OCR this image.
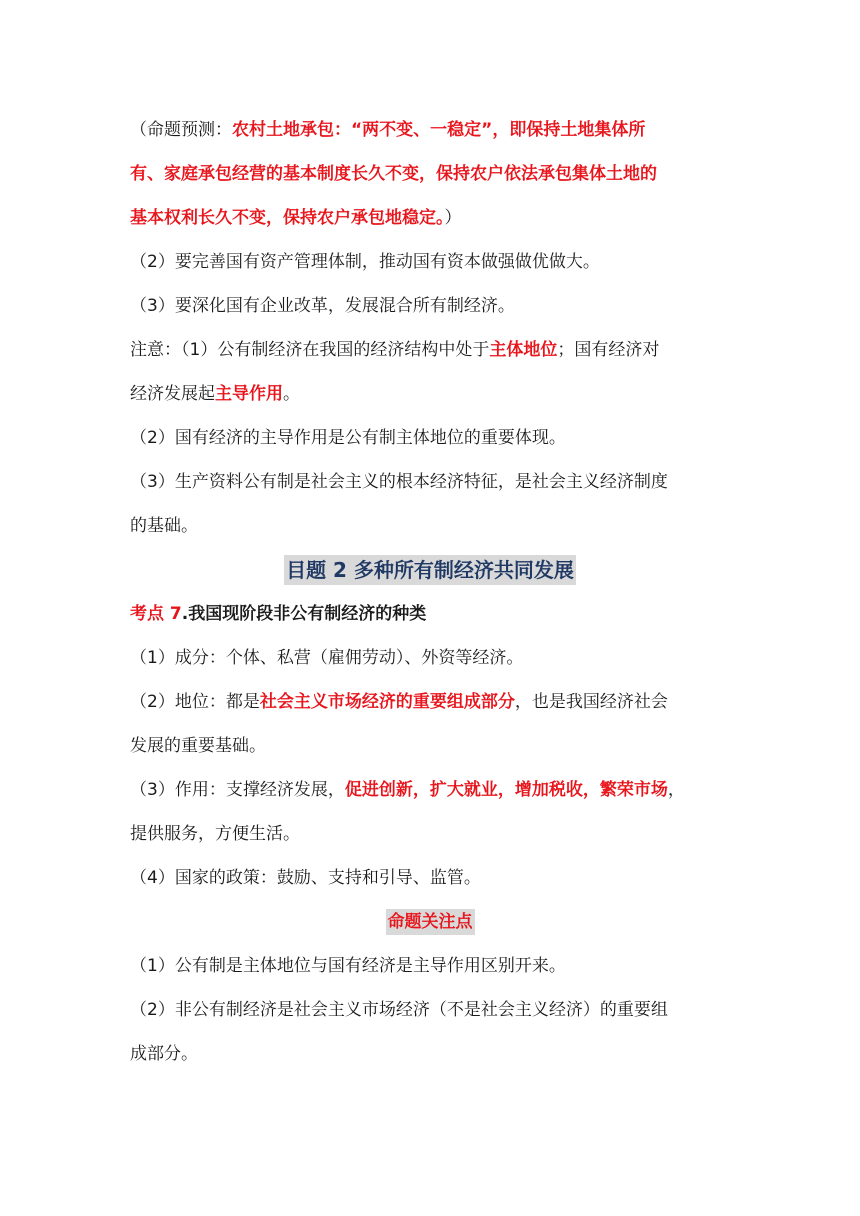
（命题预测：农村土地承包：“两不变、一稳定”，即保持土地集体所

有、家庭承包经营的基本制度长久不变，保持农户依法承包集体土地的

基本权利长久不变，保持农户承包地稳定。）

（2）要完善国有资产管理体制，推动国有资本做强做优做大。

（3）要深化国有企业改革，发展混合所有制经济。

注意：（1）公有制经济在我国的经济结构中处于主体地位；国有经济对

经济发展起主导作用。

（2）国有经济的主导作用是公有制主体地位的重要体现。

（3）生产资料公有制是社会主义的根本经济特征，是社会主义经济制度

的基础。

目题 2 多种所有制经济共同发展

考点 7.我国现阶段非公有制经济的种类

（1）成分：个体、私营（雇佣劳动）、外资等经济。

（2）地位：都是社会主义市场经济的重要组成部分，也是我国经济社会

发展的重要基础。

（3）作用：支撑经济发展，促进创新，扩大就业，增加税收，繁荣市场，

提供服务，方便生活。

（4）国家的政策：鼓励、支持和引导、监管。

命题关注点

（1）公有制是主体地位与国有经济是主导作用区别开来。

（2）非公有制经济是社会主义市场经济（不是社会主义经济）的重要组

成部分。
